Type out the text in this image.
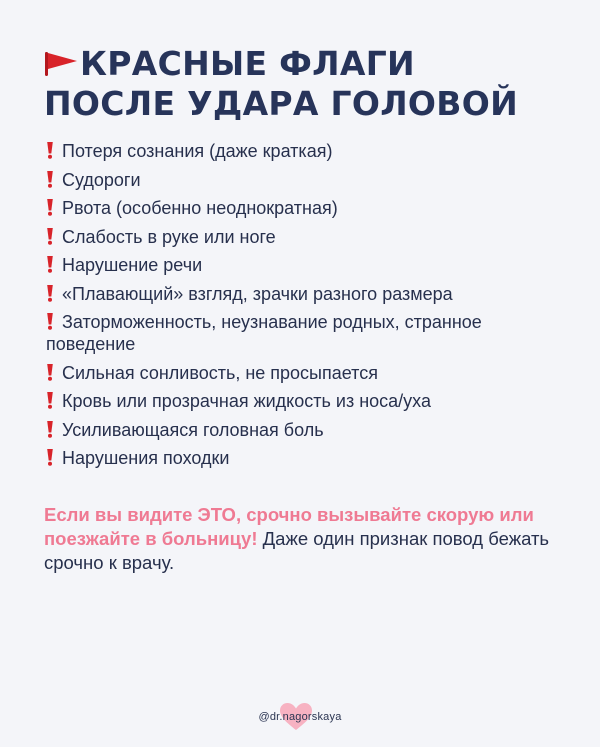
КРАСНЫЕ ФЛАГИ
ПОСЛЕ УДАРА ГОЛОВОЙ
Потеря сознания (даже краткая)
Судороги
Рвота (особенно неоднократная)
Слабость в руке или ноге
Нарушение речи
«Плавающий» взгляд, зрачки разного размера
Заторможенность, неузнавание родных, странное поведение
Сильная сонливость, не просыпается
Кровь или прозрачная жидкость из носа/уха
Усиливающаяся головная боль
Нарушения походки

Если вы видите ЭТО, срочно вызывайте скорую или поезжайте в больницу! Даже один признак повод бежать срочно к врачу.

@dr.nagorskaya
